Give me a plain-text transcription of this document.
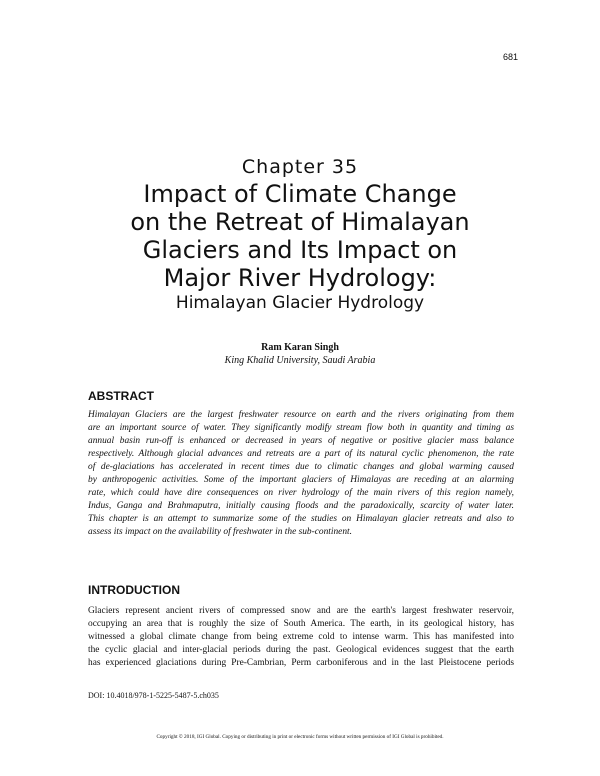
681
Chapter 35
Impact of Climate Change
on the Retreat of Himalayan
Glaciers and Its Impact on
Major River Hydrology:
Himalayan Glacier Hydrology
Ram Karan Singh
King Khalid University, Saudi Arabia
ABSTRACT
Himalayan Glaciers are the largest freshwater resource on earth and the rivers originating from them
are an important source of water. They significantly modify stream flow both in quantity and timing as
annual basin run-off is enhanced or decreased in years of negative or positive glacier mass balance
respectively. Although glacial advances and retreats are a part of its natural cyclic phenomenon, the rate
of de-glaciations has accelerated in recent times due to climatic changes and global warming caused
by anthropogenic activities. Some of the important glaciers of Himalayas are receding at an alarming
rate, which could have dire consequences on river hydrology of the main rivers of this region namely,
Indus, Ganga and Brahmaputra, initially causing floods and the paradoxically, scarcity of water later.
This chapter is an attempt to summarize some of the studies on Himalayan glacier retreats and also to
assess its impact on the availability of freshwater in the sub-continent.
INTRODUCTION
Glaciers represent ancient rivers of compressed snow and are the earth's largest freshwater reservoir,
occupying an area that is roughly the size of South America. The earth, in its geological history, has
witnessed a global climate change from being extreme cold to intense warm. This has manifested into
the cyclic glacial and inter-glacial periods during the past. Geological evidences suggest that the earth
has experienced glaciations during Pre-Cambrian, Perm carboniferous and in the last Pleistocene periods
DOI: 10.4018/978-1-5225-5487-5.ch035
Copyright © 2018, IGI Global. Copying or distributing in print or electronic forms without written permission of IGI Global is prohibited.
